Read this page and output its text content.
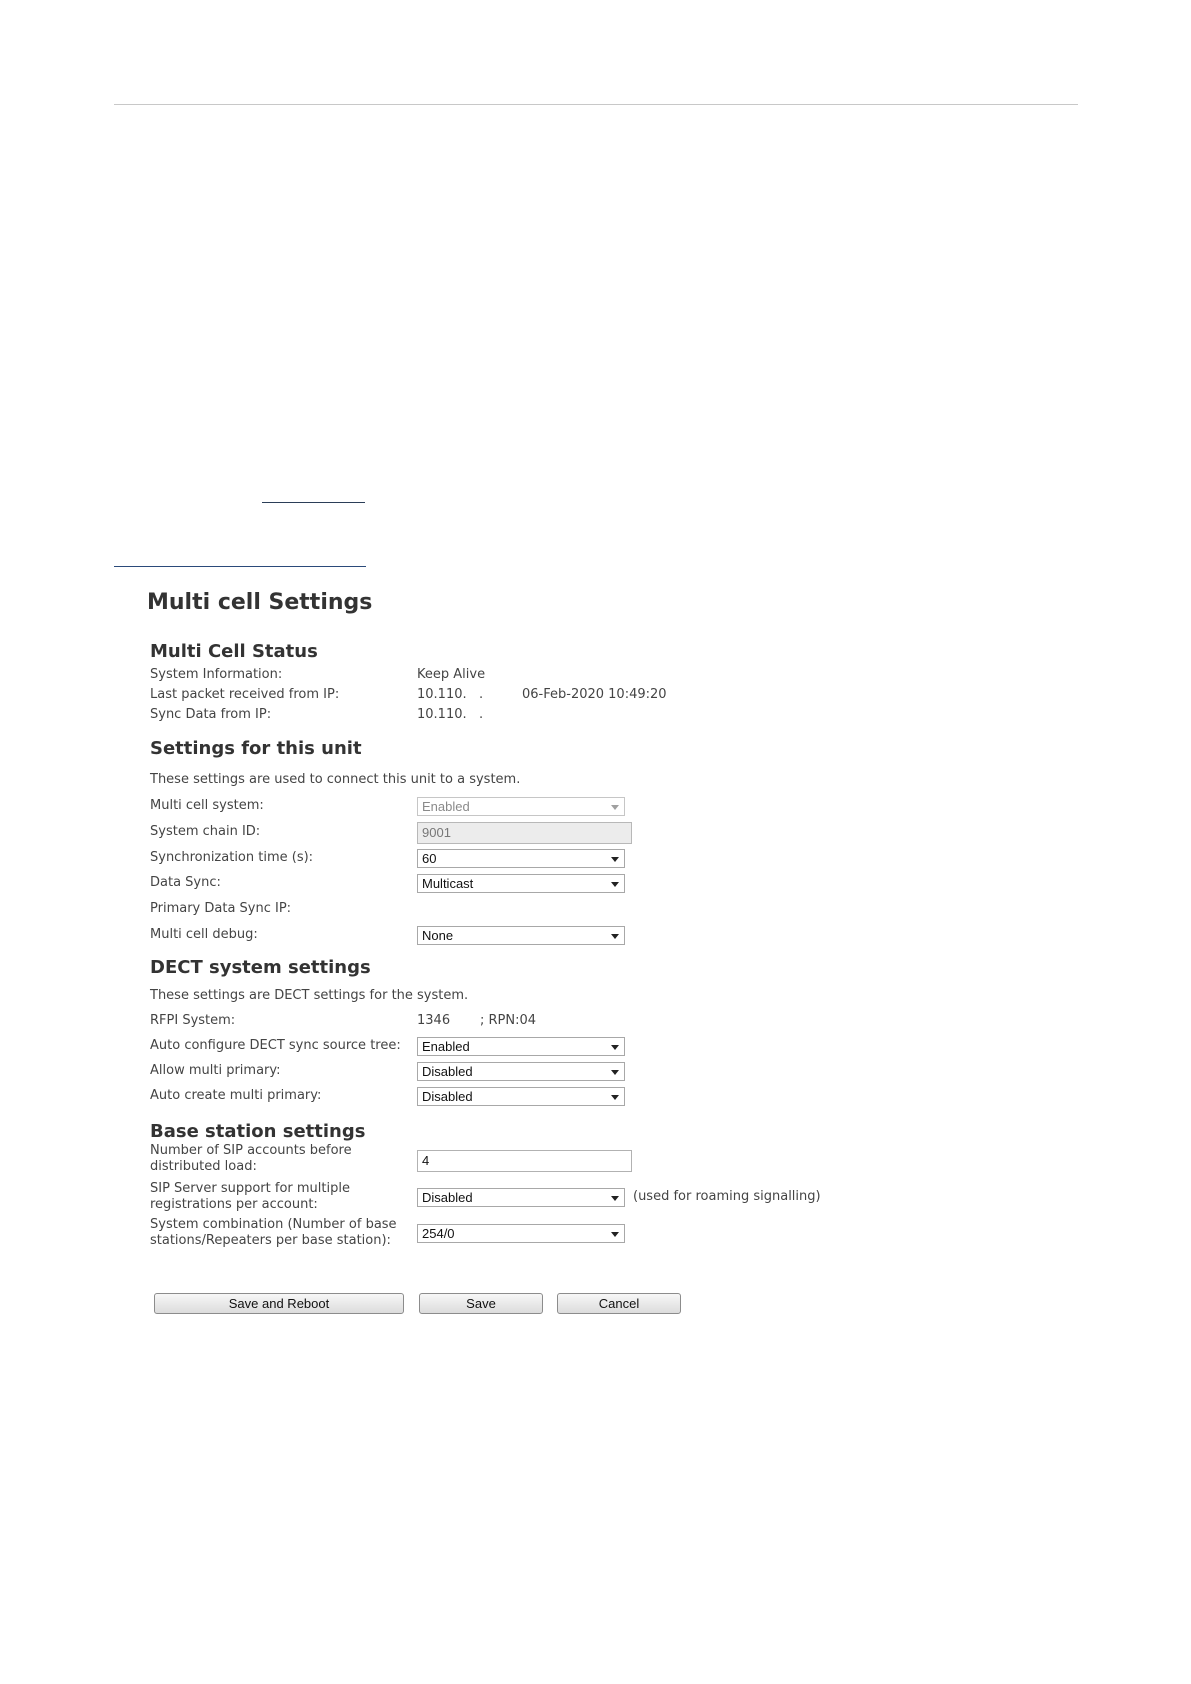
Multi cell Settings
Multi Cell Status
System Information:	Keep Alive
Last packet received from IP:	10.110.   .	06-Feb-2020 10:49:20
Sync Data from IP:	10.110.   .
Settings for this unit
These settings are used to connect this unit to a system.
Multi cell system:	Enabled
System chain ID:	9001
Synchronization time (s):	60
Data Sync:	Multicast
Primary Data Sync IP:
Multi cell debug:	None
DECT system settings
These settings are DECT settings for the system.
RFPI System:	1346 ; RPN:04
Auto configure DECT sync source tree:	Enabled
Allow multi primary:	Disabled
Auto create multi primary:	Disabled
Base station settings
Number of SIP accounts before
distributed load:	4
SIP Server support for multiple
registrations per account:	Disabled	(used for roaming signalling)
System combination (Number of base
stations/Repeaters per base station):	254/0
Save and Reboot	Save	Cancel
